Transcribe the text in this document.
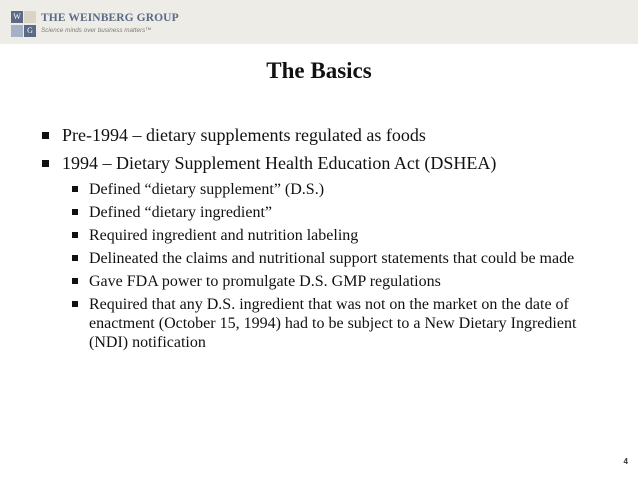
W
G
THE WEINBERG GROUP
Science minds over business matters™
The Basics
Pre-1994 – dietary supplements regulated as foods
1994 – Dietary Supplement Health Education Act (DSHEA)
Defined “dietary supplement” (D.S.)
Defined “dietary ingredient”
Required ingredient and nutrition labeling
Delineated the claims and nutritional support statements that could be made
Gave FDA power to promulgate D.S. GMP regulations
Required that any D.S. ingredient that was not on the market on the date of enactment (October 15, 1994) had to be subject to a New Dietary Ingredient (NDI) notification
4
